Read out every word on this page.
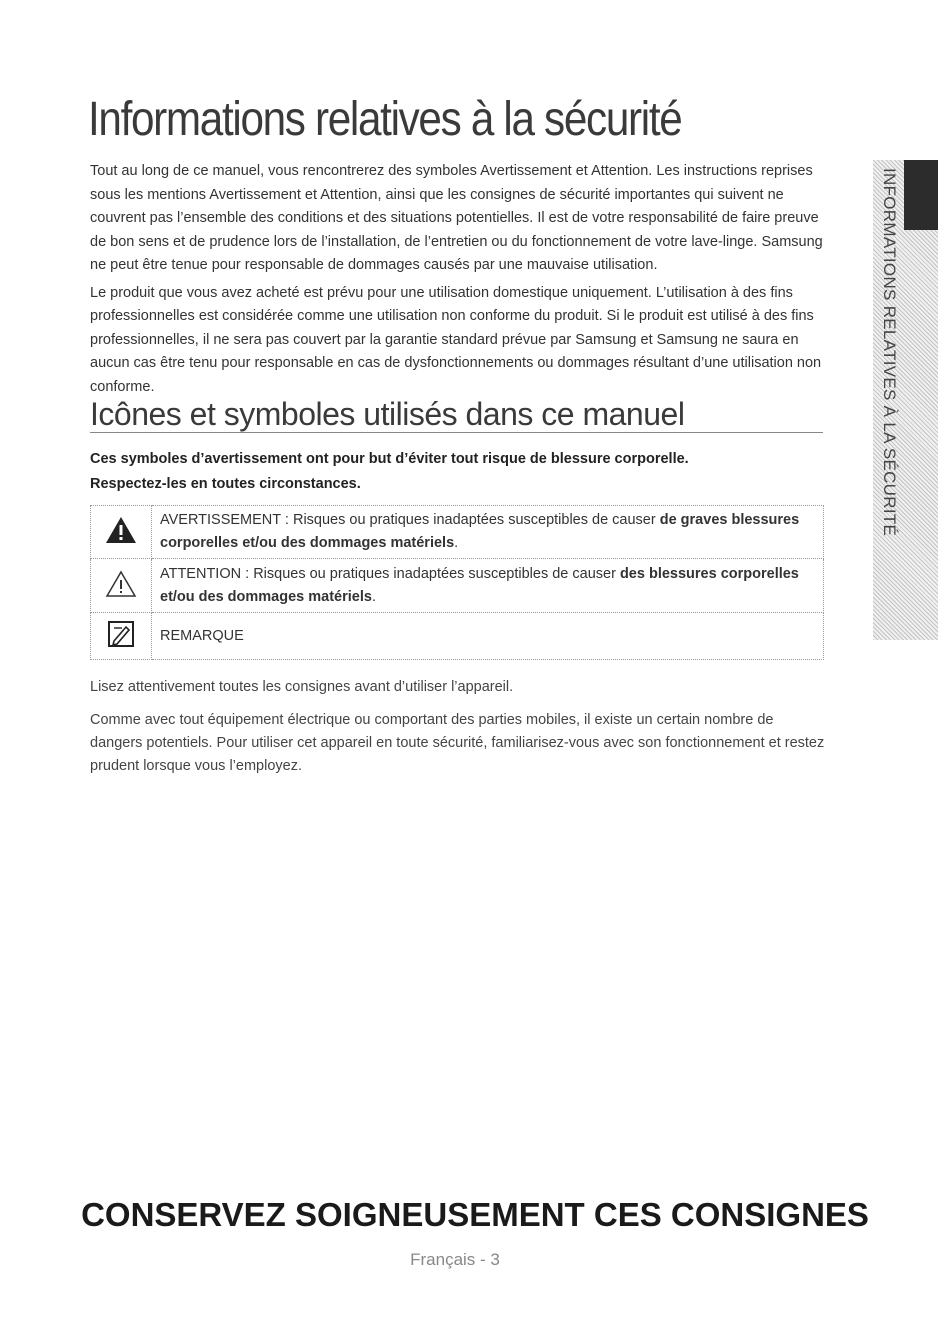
Informations relatives à la sécurité

Tout au long de ce manuel, vous rencontrerez des symboles Avertissement et Attention. Les instructions reprises sous les mentions Avertissement et Attention, ainsi que les consignes de sécurité importantes qui suivent ne couvrent pas l’ensemble des conditions et des situations potentielles. Il est de votre responsabilité de faire preuve de bon sens et de prudence lors de l’installation, de l’entretien ou du fonctionnement de votre lave-linge. Samsung ne peut être tenue pour responsable de dommages causés par une mauvaise utilisation.

Le produit que vous avez acheté est prévu pour une utilisation domestique uniquement. L’utilisation à des fins professionnelles est considérée comme une utilisation non conforme du produit. Si le produit est utilisé à des fins professionnelles, il ne sera pas couvert par la garantie standard prévue par Samsung et Samsung ne saura en aucun cas être tenu pour responsable en cas de dysfonctionnements ou dommages résultant d’une utilisation non conforme.

Icônes et symboles utilisés dans ce manuel

Ces symboles d’avertissement ont pour but d’éviter tout risque de blessure corporelle.

Respectez-les en toutes circonstances.

	AVERTISSEMENT : Risques ou pratiques inadaptées susceptibles de causer de graves blessures corporelles et/ou des dommages matériels.
	ATTENTION : Risques ou pratiques inadaptées susceptibles de causer des blessures corporelles et/ou des dommages matériels.
	REMARQUE

Lisez attentivement toutes les consignes avant d’utiliser l’appareil.

Comme avec tout équipement électrique ou comportant des parties mobiles, il existe un certain nombre de dangers potentiels. Pour utiliser cet appareil en toute sécurité, familiarisez-vous avec son fonctionnement et restez prudent lorsque vous l’employez.

INFORMATIONS RELATIVES À LA SÉCURITÉ
CONSERVEZ SOIGNEUSEMENT CES CONSIGNES
Français - 3
